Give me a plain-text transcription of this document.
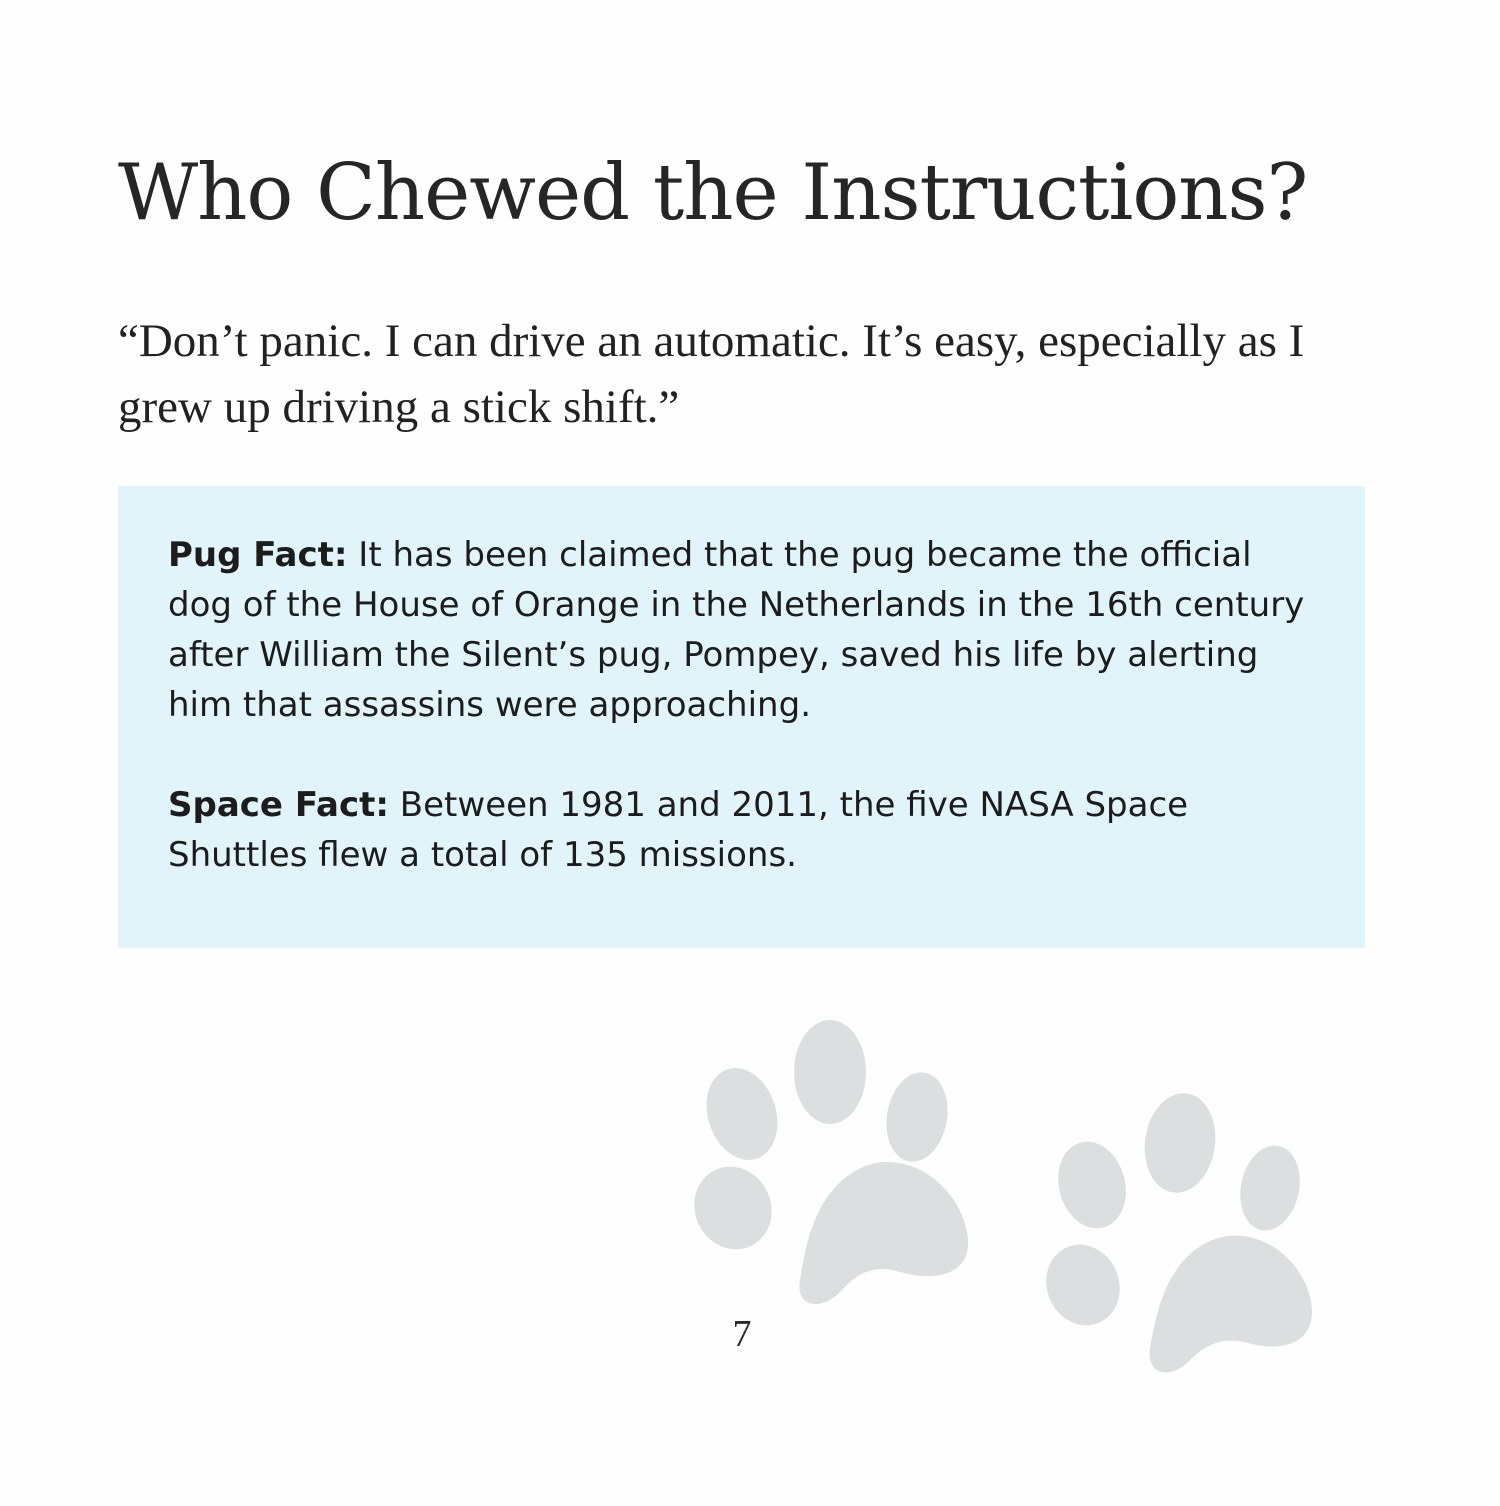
Who Chewed the Instructions?

“Don’t panic. I can drive an automatic. It’s easy, especially as I grew up driving a stick shift.”

Pug Fact: It has been claimed that the pug became the official dog of the House of Orange in the Netherlands in the 16th century after William the Silent’s pug, Pompey, saved his life by alerting him that assassins were approaching.

Space Fact: Between 1981 and 2011, the five NASA Space Shuttles flew a total of 135 missions.

7
